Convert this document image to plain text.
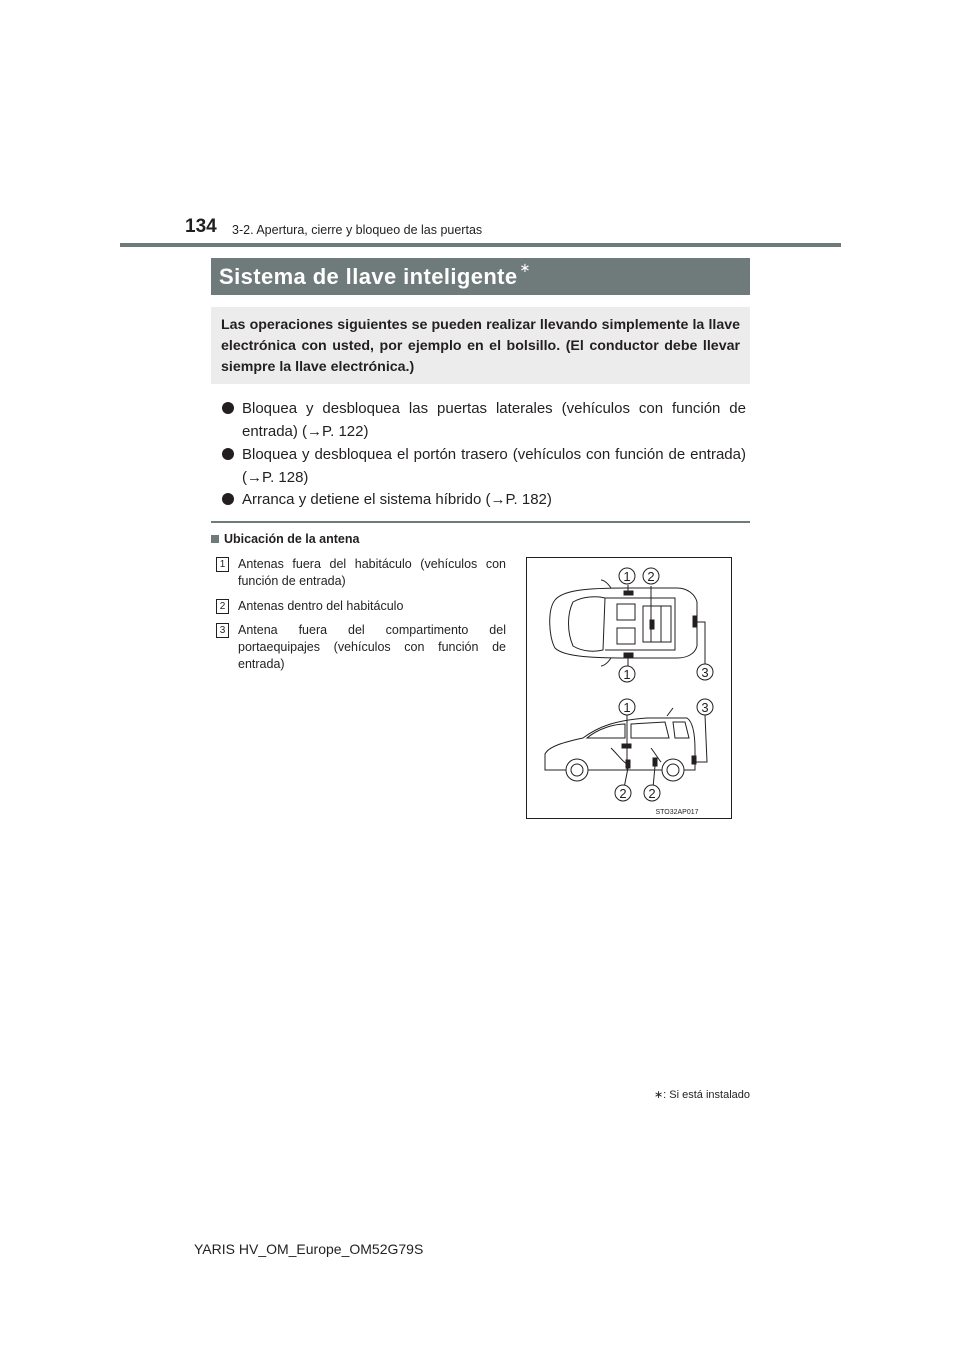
134 3-2. Apertura, cierre y bloqueo de las puertas
Sistema de llave inteligente ∗

Las operaciones siguientes se pueden realizar llevando simplemente la llave electrónica con usted, por ejemplo en el bolsillo. (El conductor debe llevar siempre la llave electrónica.)

Bloquea y desbloquea las puertas laterales (vehículos con función de entrada) (→P. 122)
Bloquea y desbloquea el portón trasero (vehículos con función de entrada) (→P. 128)
Arranca y detiene el sistema híbrido (→P. 182)
Ubicación de la antena
1	Antenas fuera del habitáculo (vehículos con función de entrada)
2	Antenas dentro del habitáculo
3	Antena fuera del compartimento del portaequipajes (vehículos con función de entrada)
1 2
1	3
1	3
2 2
STO32AP017
∗: Si está instalado
YARIS HV_OM_Europe_OM52G79S
